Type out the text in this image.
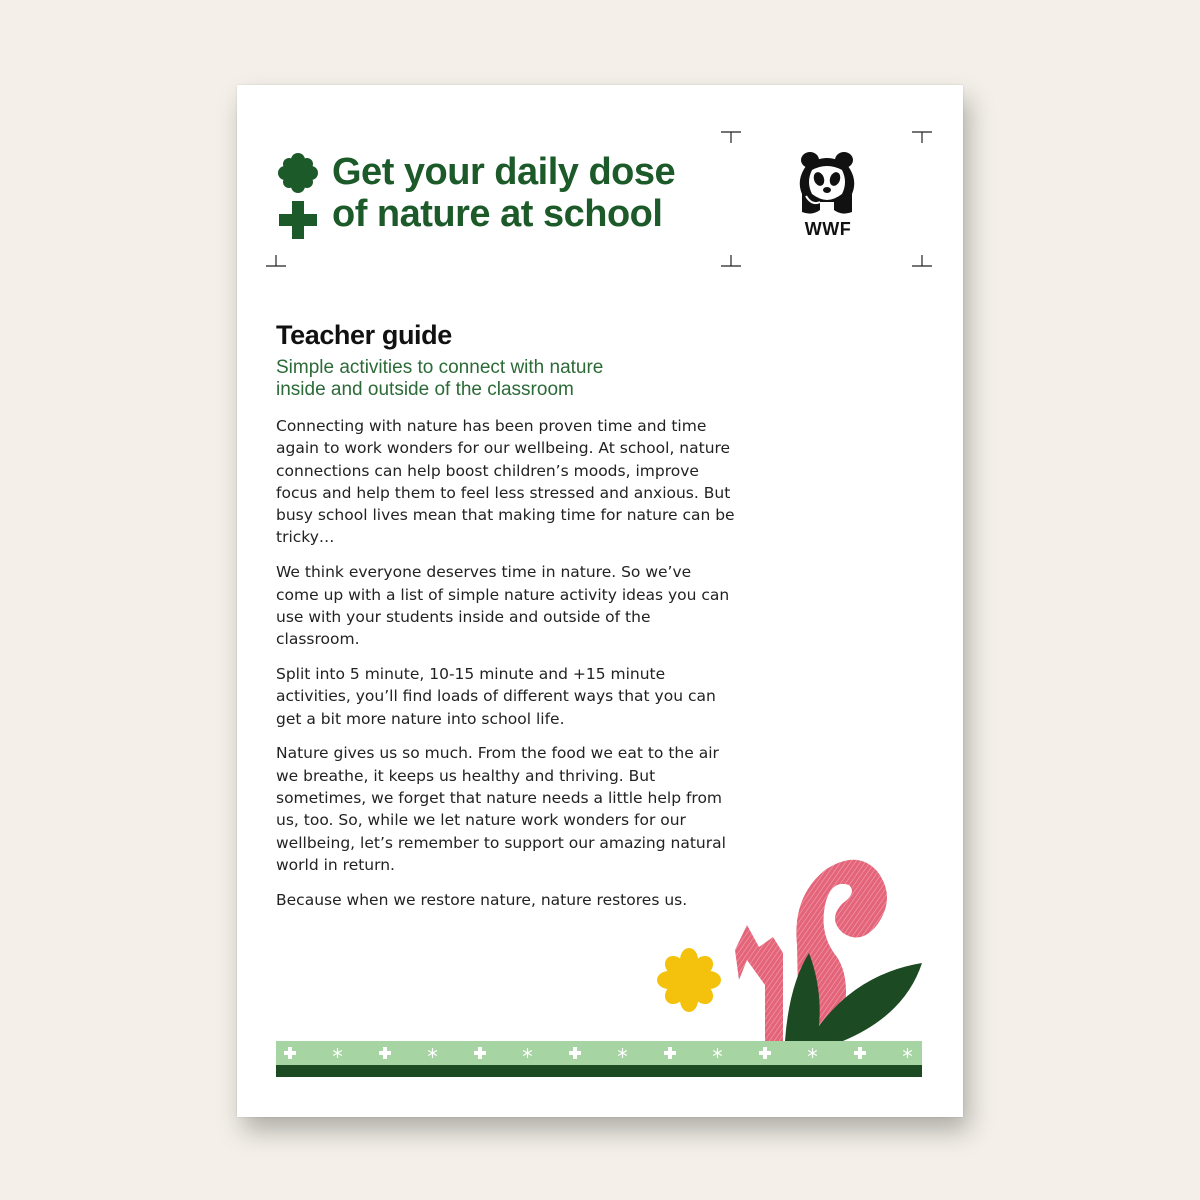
Get your daily dose
of nature at school	WWF
Teacher guide

Simple activities to connect with nature
inside and outside of the classroom

Connecting with nature has been proven time and time again to work wonders for our wellbeing. At school, nature connections can help boost children’s moods, improve focus and help them to feel less stressed and anxious. But busy school lives mean that making time for nature can be tricky…

We think everyone deserves time in nature. So we’ve come up with a list of simple nature activity ideas you can use with your students inside and outside of the classroom.

Split into 5 minute, 10-15 minute and +15 minute activities, you’ll find loads of different ways that you can get a bit more nature into school life.

Nature gives us so much. From the food we eat to the air we breathe, it keeps us healthy and thriving. But sometimes, we forget that nature needs a little help from us, too. So, while we let nature work wonders for our wellbeing, let’s remember to support our amazing natural world in return.

Because when we restore nature, nature restores us.
